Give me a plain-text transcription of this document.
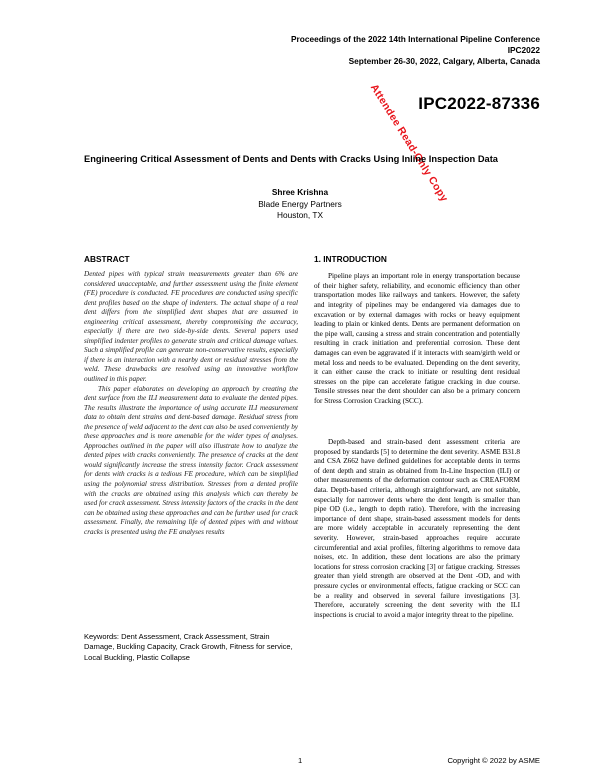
Proceedings of the 2022 14th International Pipeline Conference
IPC2022
September 26-30, 2022, Calgary, Alberta, Canada
IPC2022-87336
Attendee Read-Only Copy
Engineering Critical Assessment of Dents and Dents with Cracks Using Inline Inspection Data
Shree Krishna
Blade Energy Partners
Houston, TX
ABSTRACT

Dented pipes with typical strain measurements greater than 6% are considered unacceptable, and further assessment using the finite element (FE) procedure is conducted. FE procedures are conducted using specific dent profiles based on the shape of indenters. The actual shape of a real dent differs from the simplified dent shapes that are assumed in engineering critical assessment, thereby compromising the accuracy, especially if there are two side-by-side dents. Several papers used simplified indenter profiles to generate strain and critical damage values. Such a simplified profile can generate non-conservative results, especially if there is an interaction with a nearby dent or residual stresses from the weld. These drawbacks are resolved using an innovative workflow outlined in this paper.

This paper elaborates on developing an approach by creating the dent surface from the ILI measurement data to evaluate the dented pipes. The results illustrate the importance of using accurate ILI measurement data to obtain dent strains and dent-based damage. Residual stress from the presence of weld adjacent to the dent can also be used conveniently by these approaches and is more amenable for the wider types of analyses. Approaches outlined in the paper will also illustrate how to analyze the dented pipes with cracks conveniently. The presence of cracks at the dent would significantly increase the stress intensity factor. Crack assessment for dents with cracks is a tedious FE procedure, which can be simplified using the polynomial stress distribution. Stresses from a dented profile with the cracks are obtained using this analysis which can thereby be used for crack assessment. Stress intensity factors of the cracks in the dent can be obtained using these approaches and can be further used for crack assessment. Finally, the remaining life of dented pipes with and without cracks is presented using the FE analyses results

Keywords: Dent Assessment, Crack Assessment, Strain Damage, Buckling Capacity, Crack Growth, Fitness for service, Local Buckling, Plastic Collapse
1. INTRODUCTION

Pipeline plays an important role in energy transportation because of their higher safety, reliability, and economic efficiency than other transportation modes like railways and tankers. However, the safety and integrity of pipelines may be endangered via damages due to excavation or by external damages with rocks or heavy equipment leading to plain or kinked dents. Dents are permanent deformation on the pipe wall, causing a stress and strain concentration and potentially resulting in crack initiation and preferential corrosion. These dent damages can even be aggravated if it interacts with seam/girth weld or metal loss and needs to be evaluated. Depending on the dent severity, it can either cause the crack to initiate or resulting dent residual stresses on the pipe can accelerate fatigue cracking in due course. Tensile stresses near the dent shoulder can also be a primary concern for Stress Corrosion Cracking (SCC).

Depth-based and strain-based dent assessment criteria are proposed by standards [5] to determine the dent severity. ASME B31.8 and CSA Z662 have defined guidelines for acceptable dents in terms of dent depth and strain as obtained from In-Line Inspection (ILI) or other measurements of the deformation contour such as CREAFORM data. Depth-based criteria, although straightforward, are not suitable, especially for narrower dents where the dent length is smaller than pipe OD (i.e., length to depth ratio). Therefore, with the increasing importance of dent shape, strain-based assessment models for dents are more widely acceptable in accurately representing the dent severity. However, strain-based approaches require accurate circumferential and axial profiles, filtering algorithms to remove data noises, etc. In addition, these dent locations are also the primary locations for stress corrosion cracking [3] or fatigue cracking. Stresses greater than yield strength are observed at the Dent -OD, and with pressure cycles or environmental effects, fatigue cracking or SCC can be a reality and observed in several failure investigations [3]. Therefore, accurately screening the dent severity with the ILI inspections is crucial to avoid a major integrity threat to the pipeline.

1	Copyright © 2022 by ASME
